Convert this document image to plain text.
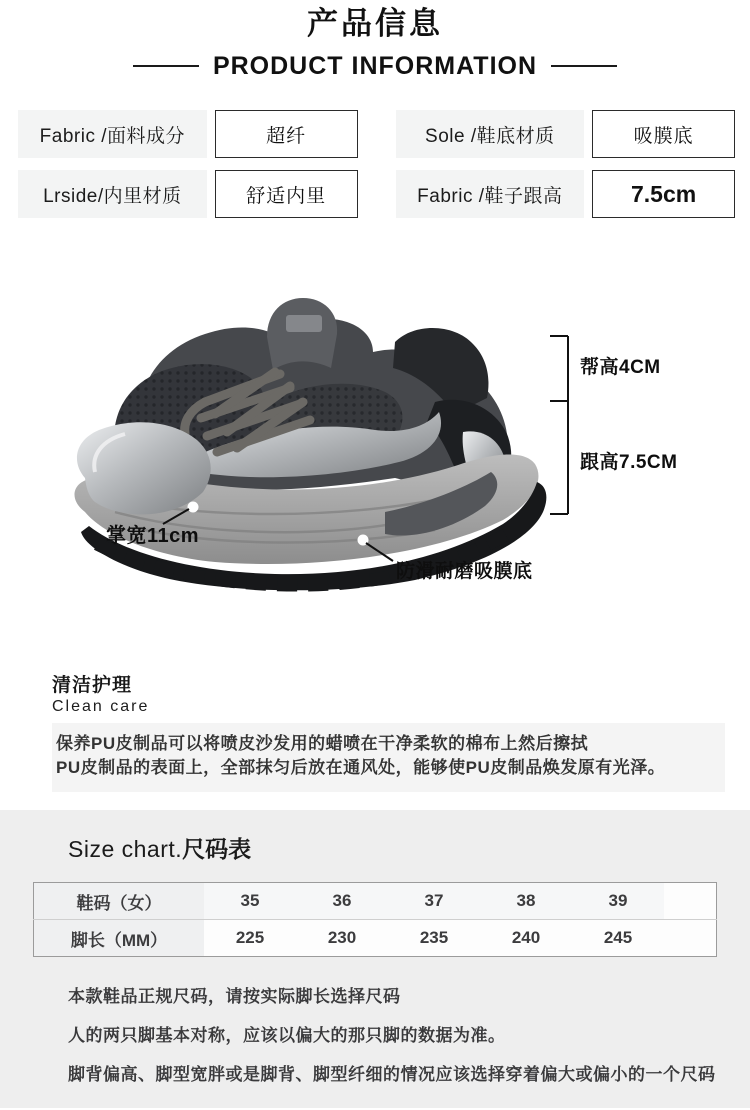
产品信息
PRODUCT INFORMATION
Fabric /面料成分	超纤	Sole /鞋底材质	吸膜底
Lrside/内里材质	舒适内里	Fabric /鞋子跟高	7.5cm
帮高4CM
跟高7.5CM
掌宽11cm
防滑耐磨吸膜底
清洁护理
Clean care

保养PU皮制品可以将喷皮沙发用的蜡喷在干净柔软的棉布上然后擦拭

PU皮制品的表面上，全部抹匀后放在通风处，能够使PU皮制品焕发原有光泽。

Size chart.尺码表
鞋码（女）	35	36	37	38	39	
脚长（MM）	225	230	235	240	245	

本款鞋品正规尺码，请按实际脚长选择尺码

人的两只脚基本对称，应该以偏大的那只脚的数据为准。

脚背偏高、脚型宽胖或是脚背、脚型纤细的情况应该选择穿着偏大或偏小的一个尺码
